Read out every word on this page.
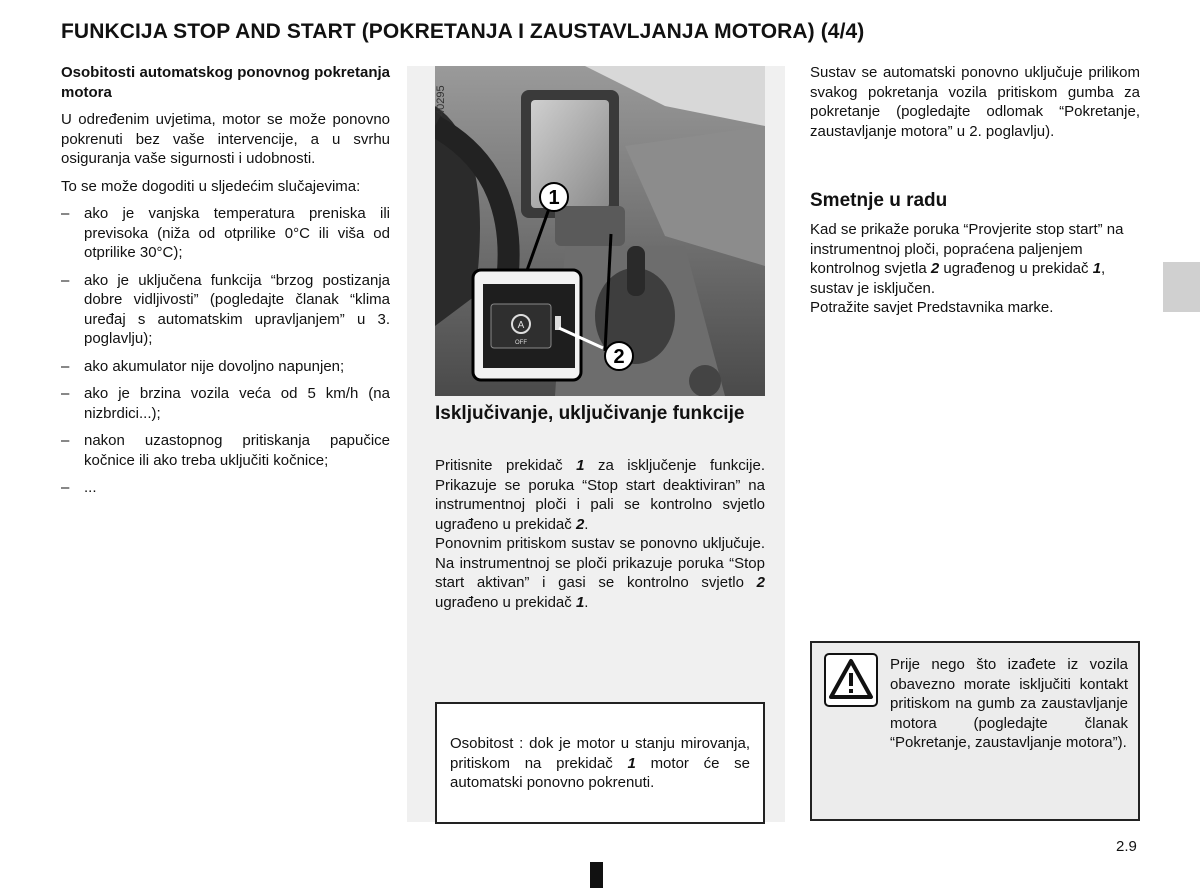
FUNKCIJA STOP AND START (POKRETANJA I ZAUSTAVLJANJA MOTORA) (4/4)

Osobitosti automatskog ponovnog pokretanja motora

U određenim uvjetima, motor se može ponovno pokrenuti bez vaše intervencije, a u svrhu osiguranja vaše sigurnosti i udobnosti.

To se može dogoditi u sljedećim slučajevima:

– ako je vanjska temperatura preniska ili previsoka (niža od otprilike 0°C ili viša od otprilike 30°C);
– ako je uključena funkcija “brzog postizanja dobre vidljivosti” (pogledajte članak “klima uređaj s automatskim upravljanjem” u 3. poglavlju);
– ako akumulator nije dovoljno napunjen;
– ako je brzina vozila veća od 5 km/h (na nizbrdici...);
– nakon uzastopnog pritiskanja papučice kočnice ili ako treba uključiti kočnice;
– ...
A
OFF
1
2
40295
Isključivanje, uključivanje funkcije

Pritisnite prekidač 1 za isključenje funkcije. Prikazuje se poruka “Stop start deaktiviran” na instrumentnoj ploči i pali se kontrolno svjetlo ugrađeno u prekidač 2.

Ponovnim pritiskom sustav se ponovno uključuje. Na instrumentnoj se ploči prikazuje poruka “Stop start aktivan” i gasi se kontrolno svjetlo 2 ugrađeno u prekidač 1.

Osobitost : dok je motor u stanju mirovanja, pritiskom na prekidač 1 motor će se automatski ponovno pokrenuti.

Sustav se automatski ponovno uključuje prilikom svakog pokretanja vozila pritiskom gumba za pokretanje (pogledajte odlomak “Pokretanje, zaustavljanje motora” u 2. poglavlju).

Smetnje u radu

Kad se prikaže poruka “Provjerite stop start” na instrumentnoj ploči, popraćena paljenjem kontrolnog svjetla 2 ugrađenog u prekidač 1, sustav je isključen.

Potražite savjet Predstavnika marke.

Prije nego što izađete iz vozila obavezno morate isključiti kontakt pritiskom na gumb za zaustavljanje motora (pogledajte članak “Pokretanje, zaustavljanje motora”).

2.9
